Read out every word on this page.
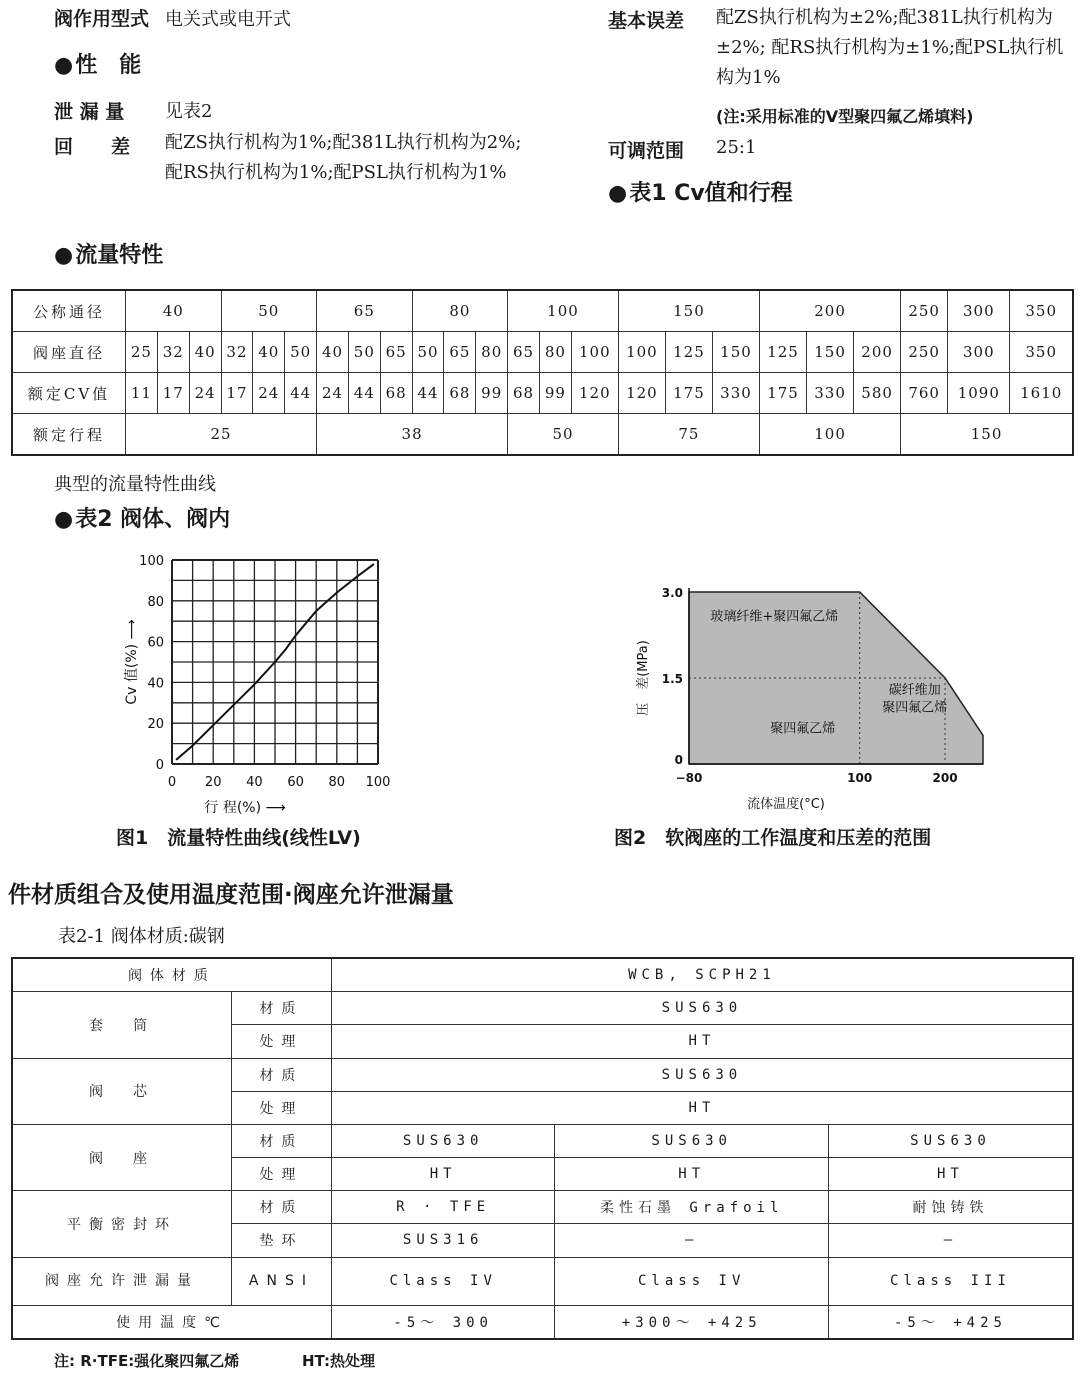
阀作用型式 电关式或电开式
● 性　能
泄 漏 量 见表2
回　　差 配ZS执行机构为1%;配381L执行机构为2%; 配RS执行机构为1%;配PSL执行机构为1%
● 流量特性
基本误差 配ZS执行机构为±2%;配381L执行机构为±2%; 配RS执行机构为±1%;配PSL执行机构为1%
(注:采用标准的V型聚四氟乙烯填料)
可调范围 25:1
● 表1 Cv值和行程
公称通径	40			50			65			80			100			150			200			250	300	350
阀座直径	25	32	40	32	40	50	40	50	65	50	65	80	65	80	100	100	125	150	125	150	200	250	300	350
额定CV值	11	17	24	17	24	44	24	44	68	44	68	99	68	99	120	120	175	330	175	330	580	760	1090	1610
额定行程	25						38						50			75			100			150		
典型的流量特性曲线
● 表2 阀体、阀内
0 20 40 60 80 100
0
20
40
60
80
100
行 程(%) ⟶
Cv 值(%) ⟶
图1　流量特性曲线(线性LV)
0
1.5
3.0
−80	100	200
流体温度(°C)
压　差(MPa)
玻璃纤维+聚四氟乙烯
聚四氟乙烯
碳纤维加
聚四氟乙烯
图2　软阀座的工作温度和压差的范围
件材质组合及使用温度范围·阀座允许泄漏量
表2-1 阀体材质:碳钢
阀体材质		WCB, SCPH21		
套　筒	材质	SUS630		
	处理	HT		
阀　芯	材质	SUS630		
	处理	HT		
阀　座	材质	SUS630	SUS630	SUS630
	处理	HT	HT	HT
平衡密封环	材质	R · TFE	柔性石墨 Grafoil	耐蚀铸铁
	垫环	SUS316	—	—
阀座允许泄漏量	ANSI	Class IV	Class IV	Class III
使用温度℃		-5～ 300	+300～ +425	-5～ +425
注: R·TFE:强化聚四氟乙烯	HT:热处理
